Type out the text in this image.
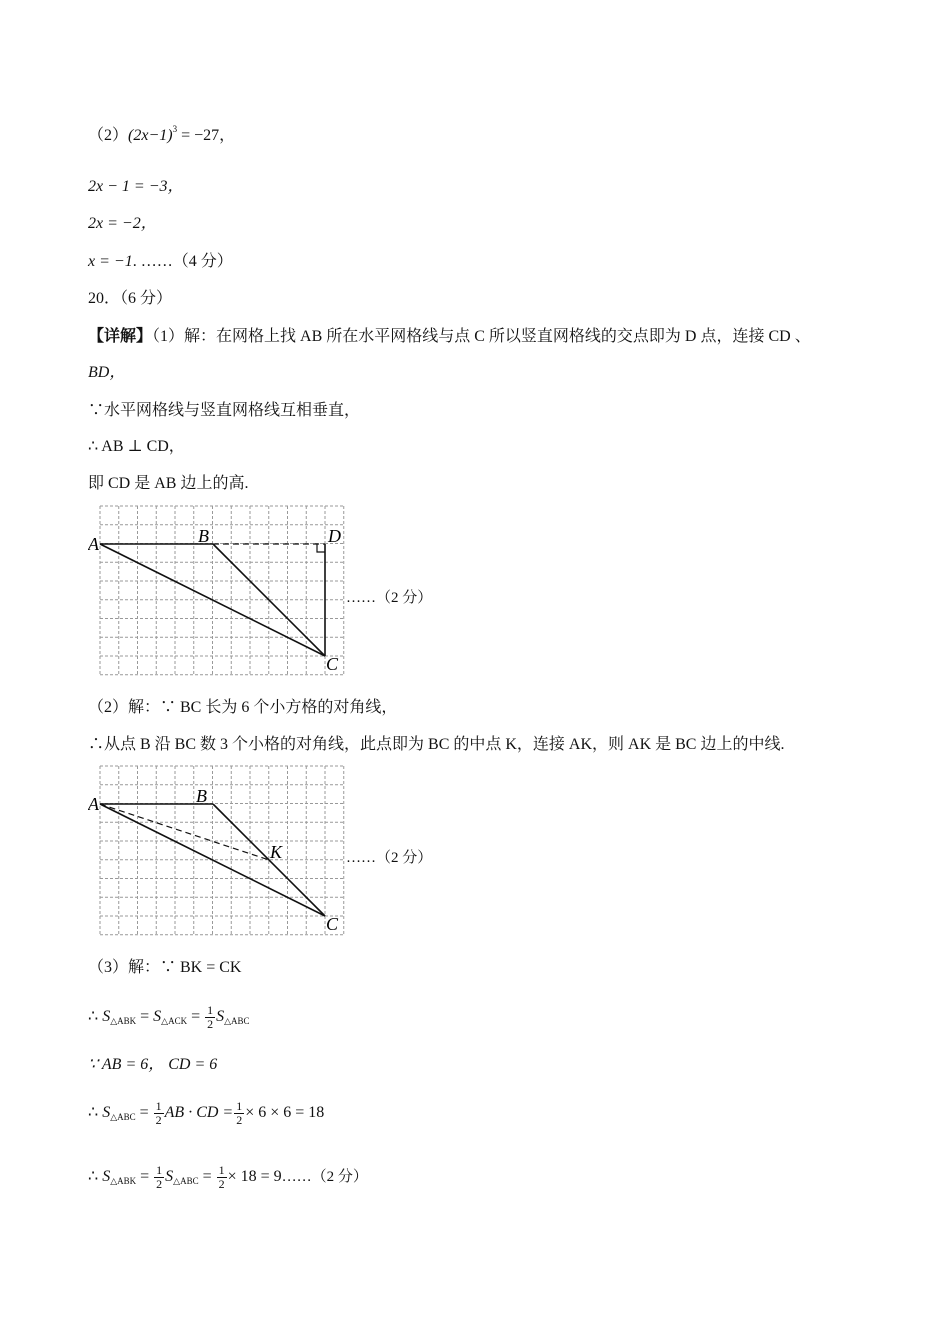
$(2)(2x-1)^3 = -27$，
2x − 1 = −3，
2x = −2，
x = −1. ……（4 分）
20．（6 分）
【详解】（1）解：在网格上找 AB 所在水平网格线与点 C 所以竖直网格线的交点即为 D 点，连接 CD 、
BD，
∵水平网格线与竖直网格线互相垂直，
∴ AB ⊥ CD，
即 CD 是 AB 边上的高.
A	B	D
C
……（2 分）
（2）解：∵ BC 长为 6 个小方格的对角线，
∴从点 B 沿 BC 数 3 个小格的对角线，此点即为 BC 的中点 K，连接 AK，则 AK 是 BC 边上的中线.
A	B
K
C
……（2 分）
（3）解：∵ BK = CK
∴ $S_{\triangle ABK} = S_{\triangle ACK} = \frac{1}{2} S_{\triangle ABC}$
∵ AB = 6， CD = 6
∴ $S_{\triangle ABC} = \frac{1}{2}$ AB · CD = $\frac{1}{2} \times 6 \times 6 = 18$
∴ $S_{\triangle ABK} = \frac{1}{2} S_{\triangle ABC} = \frac{1}{2} \times 18$ = 9……（2 分）
